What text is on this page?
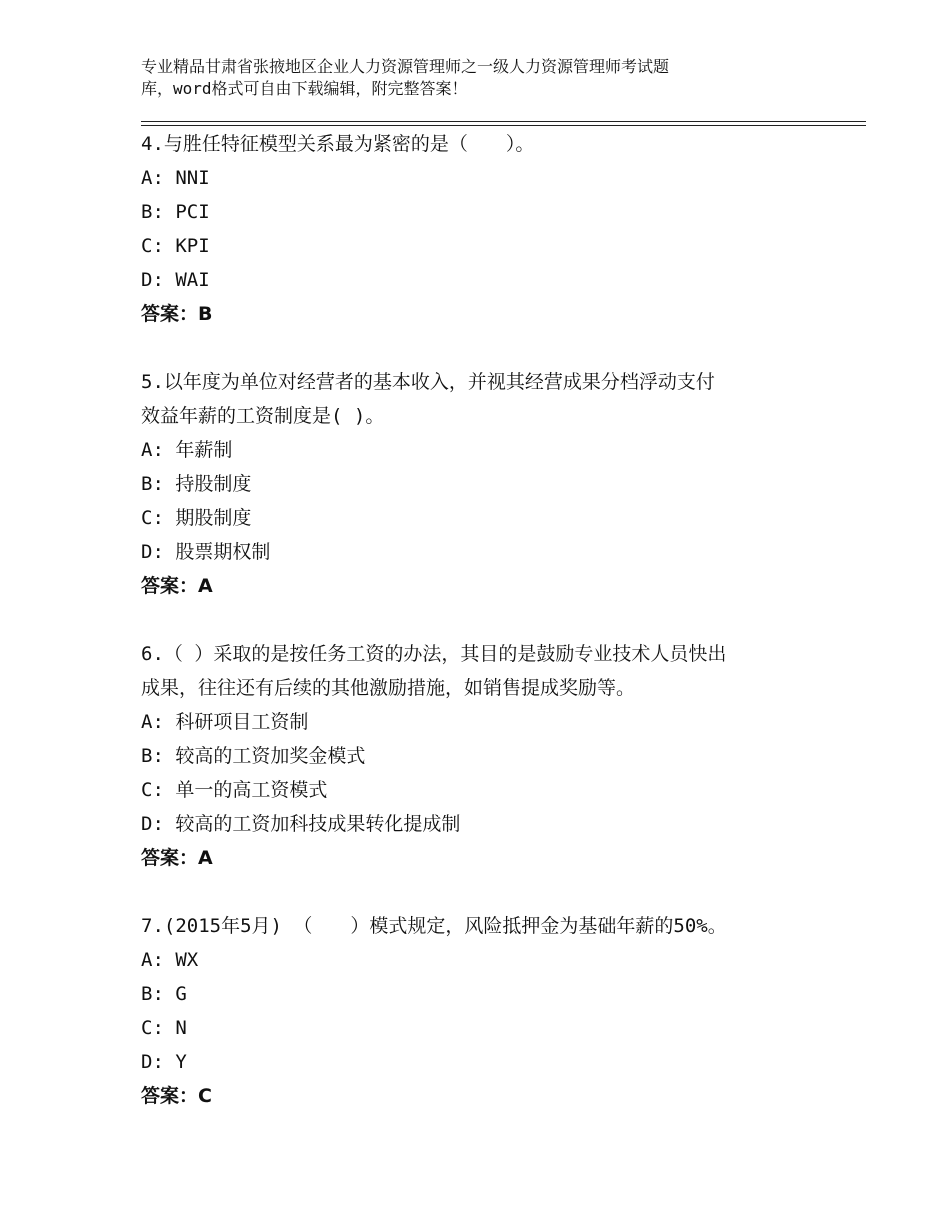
专业精品甘肃省张掖地区企业人力资源管理师之一级人力资源管理师考试题
库，word格式可自由下载编辑，附完整答案！
4.与胜任特征模型关系最为紧密的是（　　）。
A: NNI
B: PCI
C: KPI
D: WAI
答案：B
5.以年度为单位对经营者的基本收入，并视其经营成果分档浮动支付
效益年薪的工资制度是( )。
A: 年薪制
B: 持股制度
C: 期股制度
D: 股票期权制
答案：A
6.（ ）采取的是按任务工资的办法，其目的是鼓励专业技术人员快出
成果，往往还有后续的其他激励措施，如销售提成奖励等。
A: 科研项目工资制
B: 较高的工资加奖金模式
C: 单一的高工资模式
D: 较高的工资加科技成果转化提成制
答案：A
7.(2015年5月) （　　）模式规定，风险抵押金为基础年薪的50%。
A: WX
B: G
C: N
D: Y
答案：C
